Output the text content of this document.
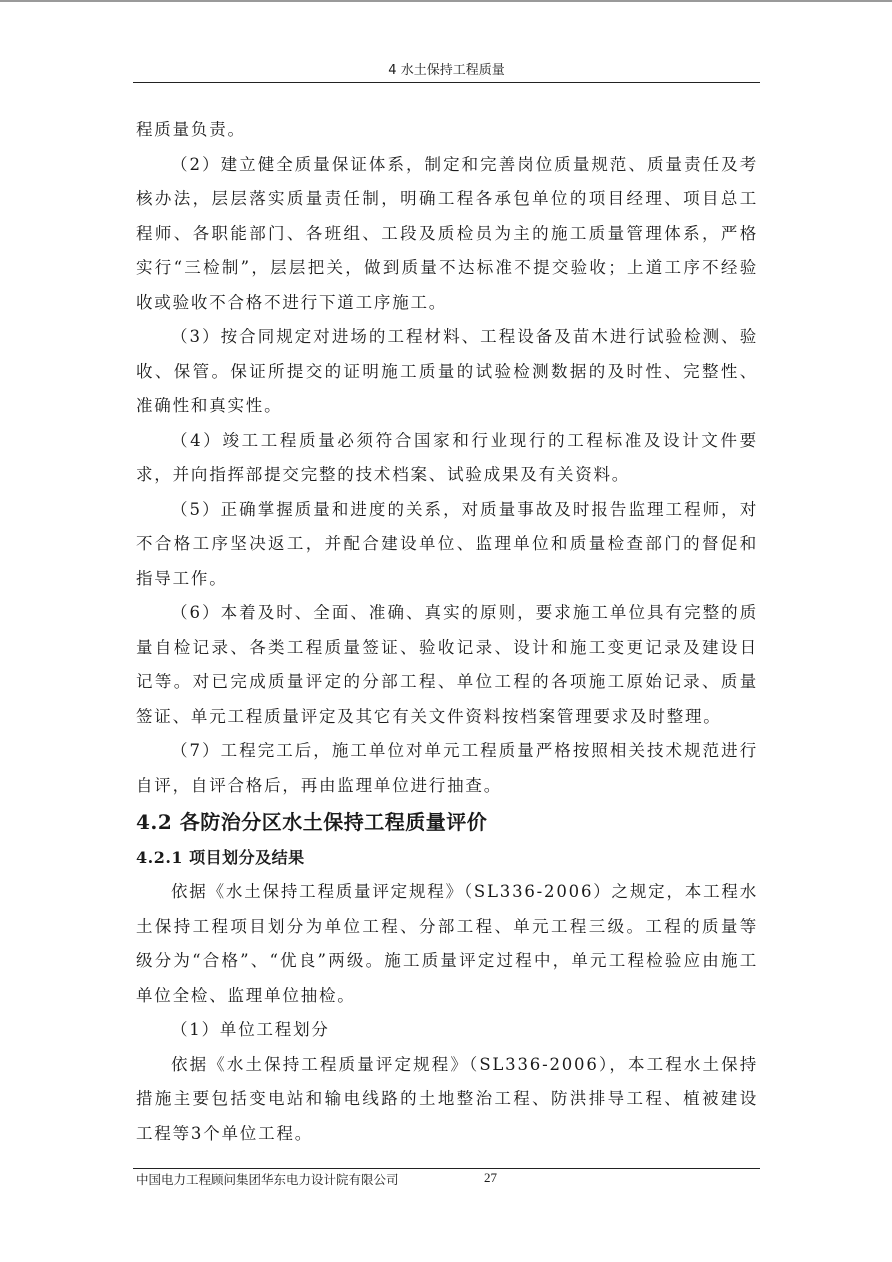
4 水土保持工程质量

程质量负责。

（2）建立健全质量保证体系，制定和完善岗位质量规范、质量责任及考核办法，层层落实质量责任制，明确工程各承包单位的项目经理、项目总工程师、各职能部门、各班组、工段及质检员为主的施工质量管理体系，严格实行“三检制”，层层把关，做到质量不达标准不提交验收；上道工序不经验收或验收不合格不进行下道工序施工。

（3）按合同规定对进场的工程材料、工程设备及苗木进行试验检测、验收、保管。保证所提交的证明施工质量的试验检测数据的及时性、完整性、准确性和真实性。

（4）竣工工程质量必须符合国家和行业现行的工程标准及设计文件要求，并向指挥部提交完整的技术档案、试验成果及有关资料。

（5）正确掌握质量和进度的关系，对质量事故及时报告监理工程师，对不合格工序坚决返工，并配合建设单位、监理单位和质量检查部门的督促和指导工作。

（6）本着及时、全面、准确、真实的原则，要求施工单位具有完整的质量自检记录、各类工程质量签证、验收记录、设计和施工变更记录及建设日记等。对已完成质量评定的分部工程、单位工程的各项施工原始记录、质量签证、单元工程质量评定及其它有关文件资料按档案管理要求及时整理。

（7）工程完工后，施工单位对单元工程质量严格按照相关技术规范进行自评，自评合格后，再由监理单位进行抽查。

4.2 各防治分区水土保持工程质量评价
4.2.1 项目划分及结果

依据《水土保持工程质量评定规程》（SL336-2006）之规定，本工程水土保持工程项目划分为单位工程、分部工程、单元工程三级。工程的质量等级分为“合格”、“优良”两级。施工质量评定过程中，单元工程检验应由施工单位全检、监理单位抽检。

（1）单位工程划分

依据《水土保持工程质量评定规程》（SL336-2006），本工程水土保持措施主要包括变电站和输电线路的土地整治工程、防洪排导工程、植被建设工程等3个单位工程。

中国电力工程顾问集团华东电力设计院有限公司	27
